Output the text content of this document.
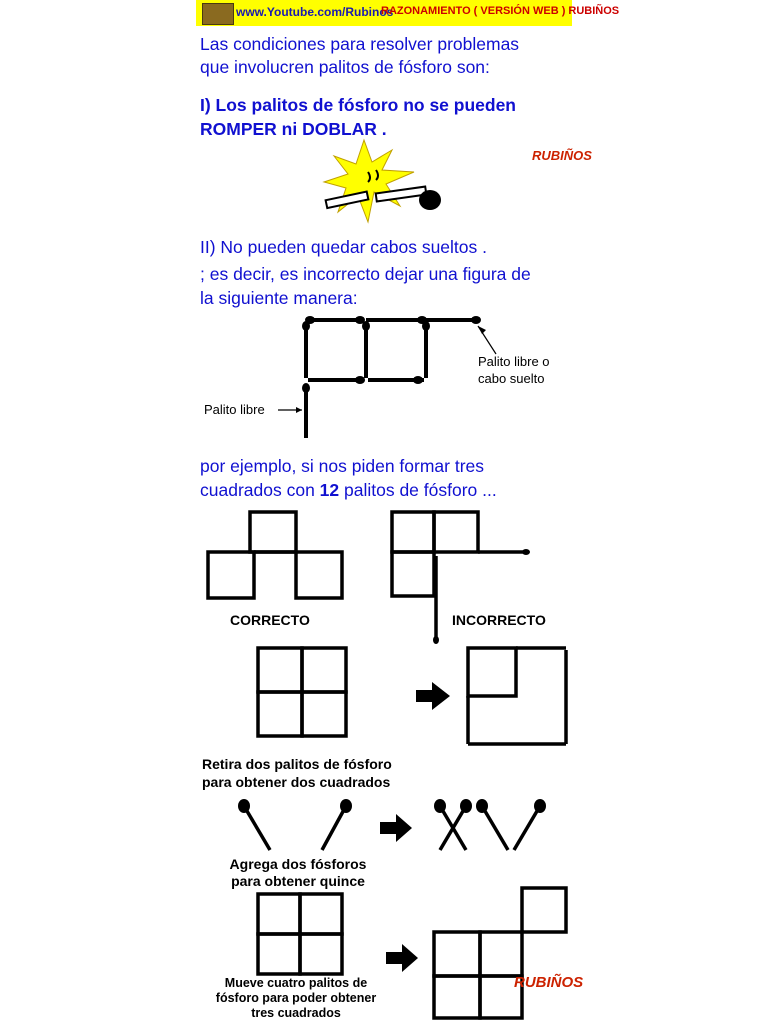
www.Youtube.com/Rubinos
RAZONAMIENTO ( VERSIÓN WEB ) RUBIÑOS
Las condiciones para resolver problemas
que involucren palitos de fósforo son:
I) Los palitos de fósforo no se pueden
ROMPER ni DOBLAR .
RUBIÑOS
II) No pueden quedar cabos sueltos .
; es decir, es incorrecto dejar una figura de
la siguiente manera:
Palito libre o
cabo suelto
Palito libre
por ejemplo, si nos piden formar tres
cuadrados con 12 palitos de fósforo ...
CORRECTO	INCORRECTO
Retira dos palitos de fósforo
para obtener dos cuadrados
Agrega dos fósforos
para obtener quince
Mueve cuatro palitos de
fósforo para poder obtener
tres cuadrados
RUBIÑOS
